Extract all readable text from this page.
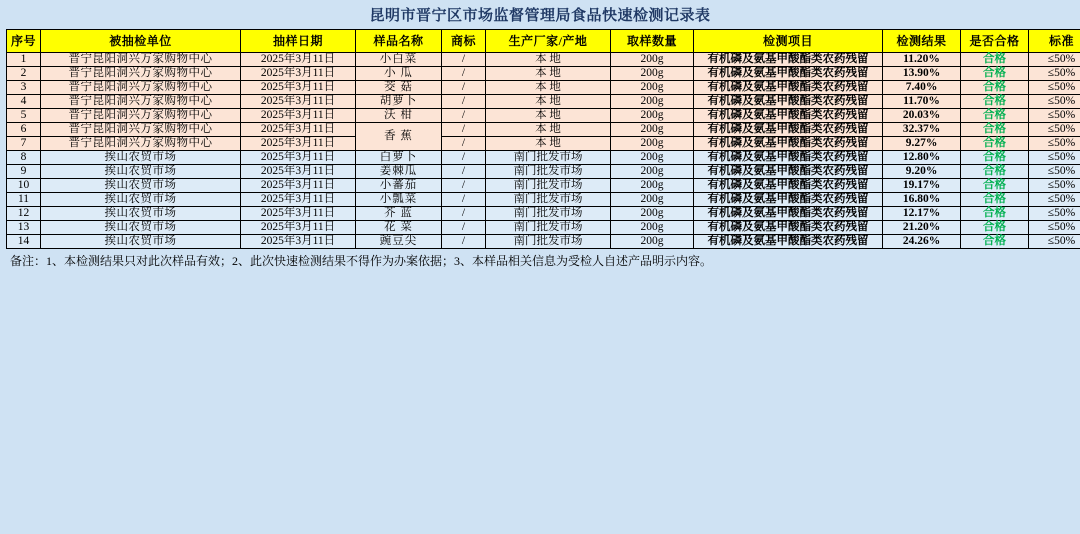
昆明市晋宁区市场监督管理局食品快速检测记录表
序号	被抽检单位	抽样日期	样品名称	商标	生产厂家/产地	取样数量	检测项目	检测结果	是否合格	标准
1	晋宁昆阳洞兴万家购物中心	2025年3月11日	小白菜	/	本 地	200g	有机磷及氨基甲酸酯类农药残留	11.20%	合格	≤50%
2	晋宁昆阳洞兴万家购物中心	2025年3月11日	小 瓜	/	本 地	200g	有机磷及氨基甲酸酯类农药残留	13.90%	合格	≤50%
3	晋宁昆阳洞兴万家购物中心	2025年3月11日	茭 菇	/	本 地	200g	有机磷及氨基甲酸酯类农药残留	7.40%	合格	≤50%
4	晋宁昆阳洞兴万家购物中心	2025年3月11日	胡萝卜	/	本 地	200g	有机磷及氨基甲酸酯类农药残留	11.70%	合格	≤50%
5	晋宁昆阳洞兴万家购物中心	2025年3月11日	沃 柑	/	本 地	200g	有机磷及氨基甲酸酯类农药残留	20.03%	合格	≤50%
6	晋宁昆阳洞兴万家购物中心	2025年3月11日	香 蕉	/	本 地	200g	有机磷及氨基甲酸酯类农药残留	32.37%	合格	≤50%
7	晋宁昆阳洞兴万家购物中心	2025年3月11日		/	本 地	200g	有机磷及氨基甲酸酯类农药残留	9.27%	合格	≤50%
8	挨山农贸市场	2025年3月11日	白萝卜	/	南门批发市场	200g	有机磷及氨基甲酸酯类农药残留	12.80%	合格	≤50%
9	挨山农贸市场	2025年3月11日	姜棘瓜	/	南门批发市场	200g	有机磷及氨基甲酸酯类农药残留	9.20%	合格	≤50%
10	挨山农贸市场	2025年3月11日	小蕃茄	/	南门批发市场	200g	有机磷及氨基甲酸酯类农药残留	19.17%	合格	≤50%
11	挨山农贸市场	2025年3月11日	小瓢菜	/	南门批发市场	200g	有机磷及氨基甲酸酯类农药残留	16.80%	合格	≤50%
12	挨山农贸市场	2025年3月11日	芥 蓝	/	南门批发市场	200g	有机磷及氨基甲酸酯类农药残留	12.17%	合格	≤50%
13	挨山农贸市场	2025年3月11日	花 菜	/	南门批发市场	200g	有机磷及氨基甲酸酯类农药残留	21.20%	合格	≤50%
14	挨山农贸市场	2025年3月11日	豌豆尖	/	南门批发市场	200g	有机磷及氨基甲酸酯类农药残留	24.26%	合格	≤50%
备注：1、本检测结果只对此次样品有效；2、此次快速检测结果不得作为办案依据；3、本样品相关信息为受检人自述产品明示内容。
